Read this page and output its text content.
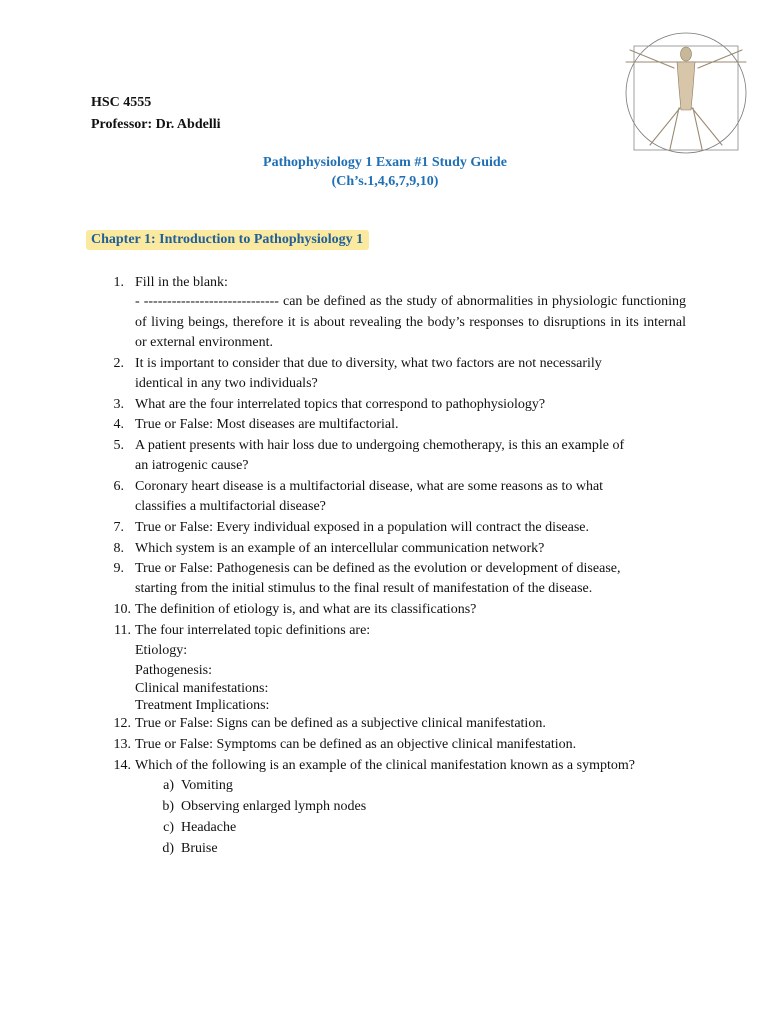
HSC 4555
Professor: Dr. Abdelli
Pathophysiology 1 Exam #1 Study Guide
(Ch’s.1,4,6,7,9,10)
Chapter 1: Introduction to Pathophysiology 1
1. Fill in the blank:
- ----------------------------- can be defined as the study of abnormalities in physiologic functioning of living beings, therefore it is about revealing the body’s responses to disruptions in its internal or external environment.
2. It is important to consider that due to diversity, what two factors are not necessarily
identical in any two individuals?
3. What are the four interrelated topics that correspond to pathophysiology?
4. True or False: Most diseases are multifactorial.
5. A patient presents with hair loss due to undergoing chemotherapy, is this an example of
an iatrogenic cause?
6. Coronary heart disease is a multifactorial disease, what are some reasons as to what
classifies a multifactorial disease?
7. True or False: Every individual exposed in a population will contract the disease.
8. Which system is an example of an intercellular communication network?
9. True or False: Pathogenesis can be defined as the evolution or development of disease,
starting from the initial stimulus to the final result of manifestation of the disease.
10. The definition of etiology is, and what are its classifications?
11. The four interrelated topic definitions are:
Etiology:
Pathogenesis:
Clinical manifestations:
Treatment Implications:
12. True or False: Signs can be defined as a subjective clinical manifestation.
13. True or False: Symptoms can be defined as an objective clinical manifestation.
14. Which of the following is an example of the clinical manifestation known as a symptom?
a) Vomiting
b) Observing enlarged lymph nodes
c) Headache
d) Bruise
